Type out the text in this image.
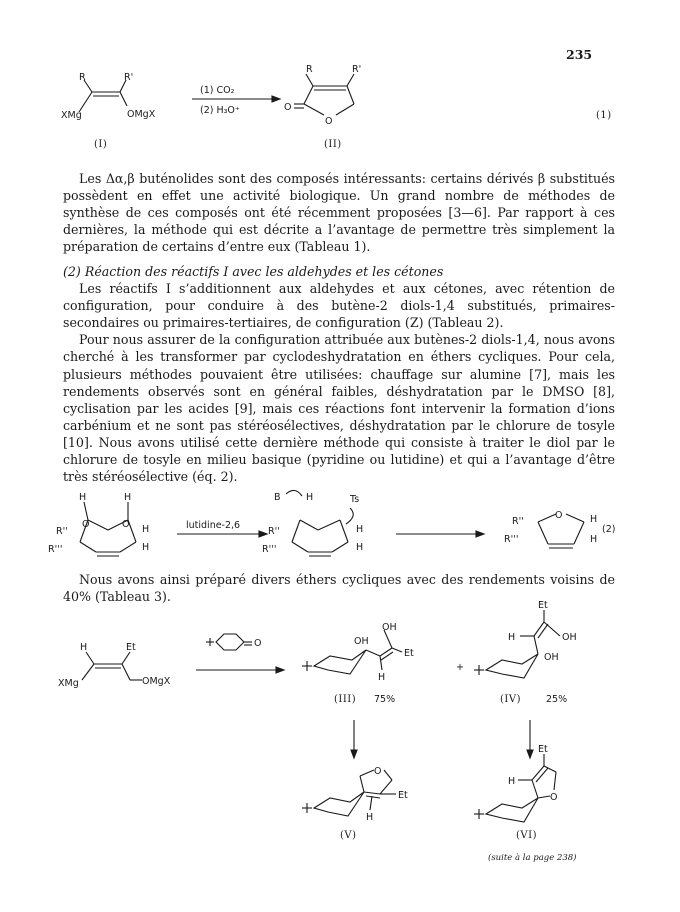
235
R	R'
XMg	OMgX
(I)
(1) CO₂
(2) H₃O⁺
R	R'
O
O
(II)
(1)

Les Δα,β buténolides sont des composés intéressants: certains dérivés β substitués possèdent en effet une activité biologique. Un grand nombre de méthodes de synthèse de ces composés ont été récemment proposées [3—6]. Par rapport à ces dernières, la méthode qui est décrite a l’avantage de permettre très simplement la préparation de certains d’entre eux (Tableau 1).

(2) Réaction des réactifs I avec les aldehydes et les cétones

Les réactifs I s’additionnent aux aldehydes et aux cétones, avec rétention de configuration, pour conduire à des butène-2 diols-1,4 substitués, primaires-secondaires ou primaires-tertiaires, de configuration (Z) (Tableau 2).

Pour nous assurer de la configuration attribuée aux butènes-2 diols-1,4, nous avons cherché à les transformer par cyclodeshydratation en éthers cycliques. Pour cela, plusieurs méthodes pouvaient être utilisées: chauffage sur alumine [7], mais les rendements observés sont en général faibles, déshydratation par le DMSO [8], cyclisation par les acides [9], mais ces réactions font intervenir la formation d’ions carbénium et ne sont pas stéréosélectives, déshydratation par le chlorure de tosyle [10]. Nous avons utilisé cette dernière méthode qui consiste à traiter le diol par le chlorure de tosyle en milieu basique (pyridine ou lutidine) et qui a l’avantage d’être très stéréosélective (éq. 2).

H	H
O	O
R''
R'''
H
H
lutidine-2,6
B	H	Ts
R''
R'''
H
H
O
R''
R'''
H
H
(2)

Nous avons ainsi préparé divers éthers cycliques avec des rendements voisins de 40% (Tableau 3).

H	Et
XMg	OMgX
O
OH
OH
Et
H
(III) 75%
+
Et
H	OH
OH
(IV)	25%
O
Et
H
(V)
Et
H
O
(VI)
(suite à la page 238)
